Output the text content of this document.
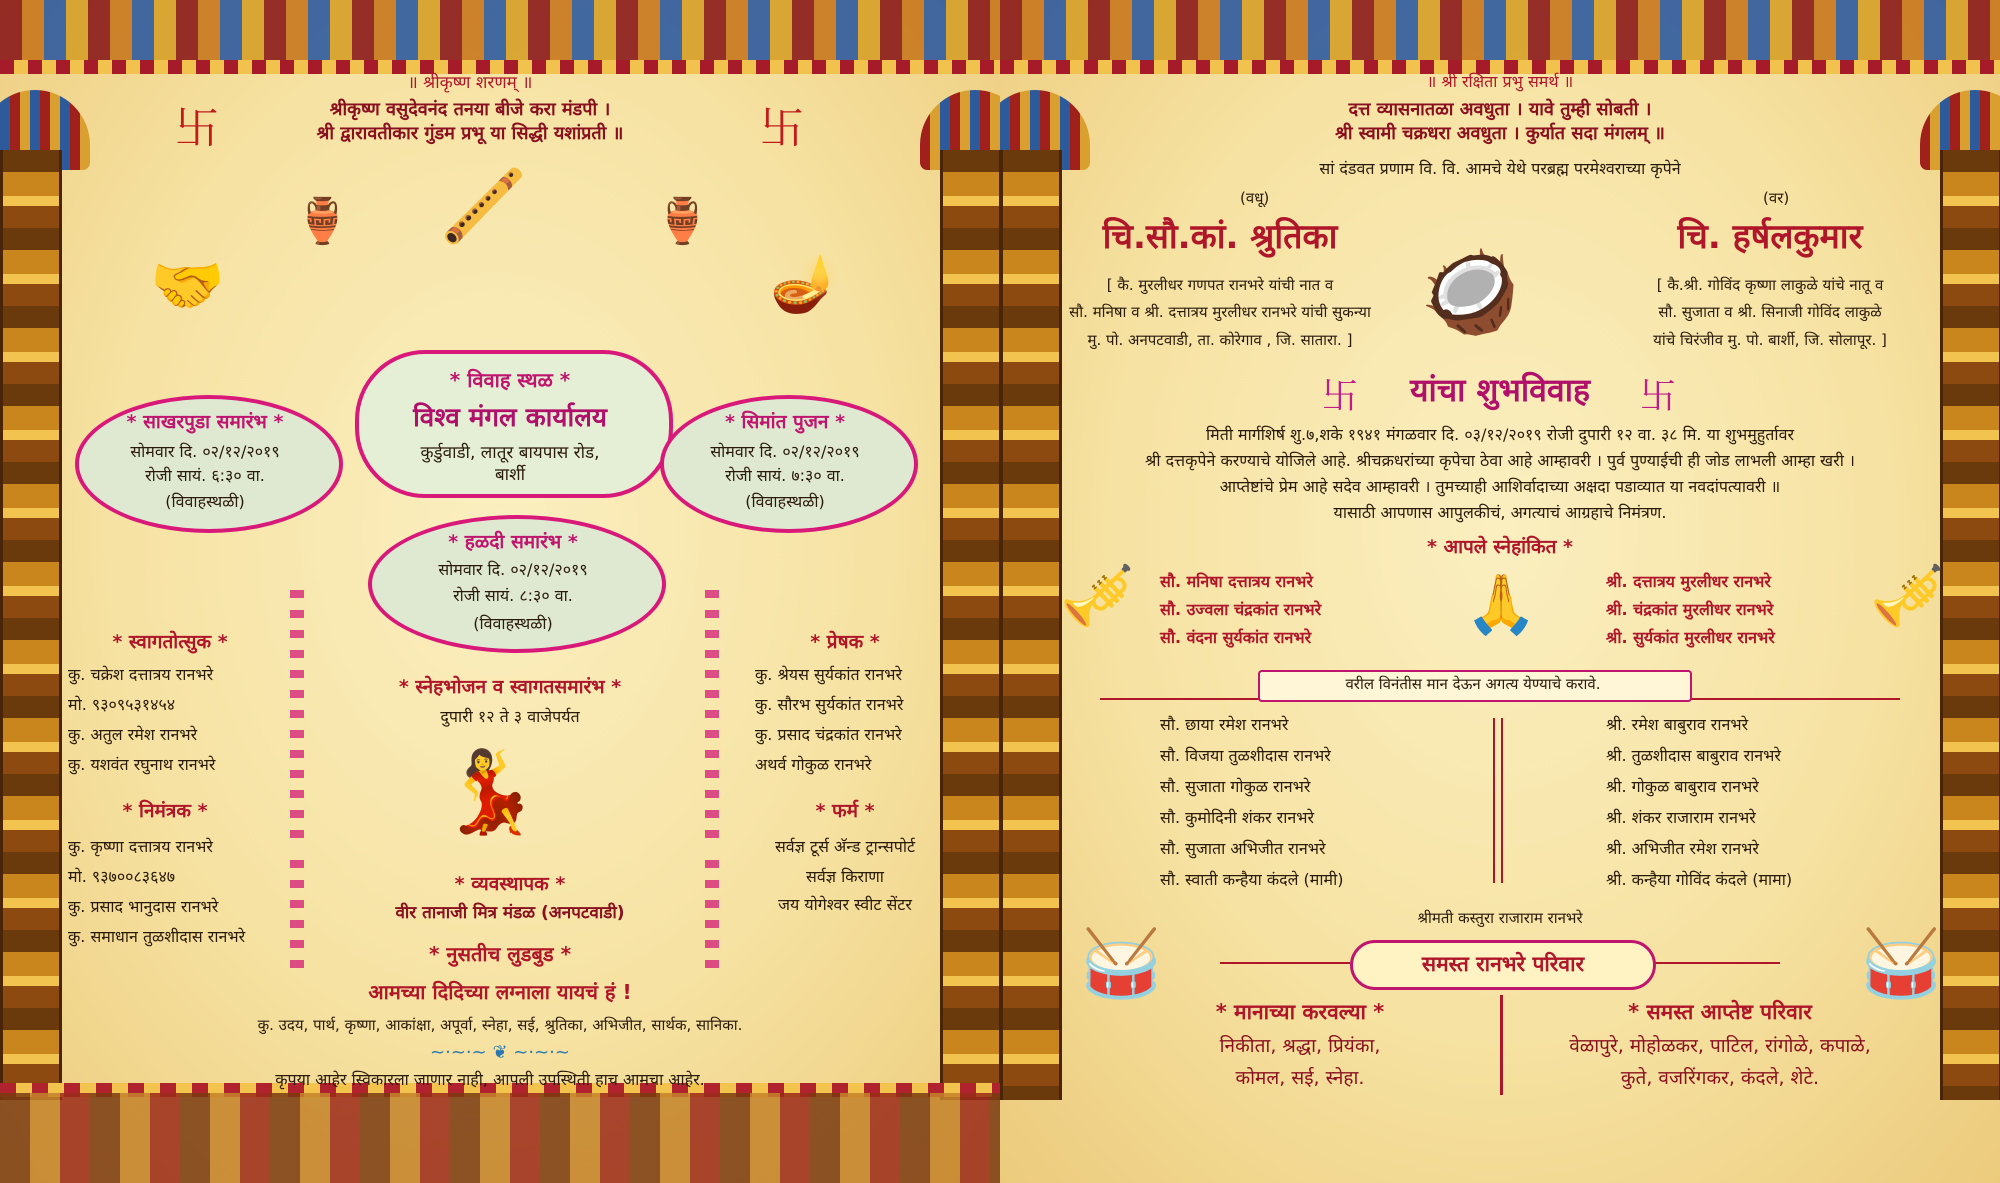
॥ श्रीकृष्ण शरणम् ॥
श्रीकृष्ण वसुदेवनंद तनया बीजे करा मंडपी ।
श्री द्वारावतीकार गुंडम प्रभू या सिद्धी यशांप्रती ॥
卐	卐
🏺	🏺
🪈
🤝	🪔
* विवाह स्थळ *
विश्व मंगल कार्यालय
कुर्डुवाडी, लातूर बायपास रोड,
बार्शी
* साखरपुडा समारंभ *
सोमवार दि. ०२/१२/२०१९
रोजी सायं. ६:३० वा.
(विवाहस्थळी)
* सिमांत पुजन *
सोमवार दि. ०२/१२/२०१९
रोजी सायं. ७:३० वा.
(विवाहस्थळी)
* हळदी समारंभ *
सोमवार दि. ०२/१२/२०१९
रोजी सायं. ८:३० वा.
(विवाहस्थळी)
* स्वागतोत्सुक *
कु. चक्रेश दत्तात्रय रानभरे
मो. ९३०९५३१४५४
कु. अतुल रमेश रानभरे
कु. यशवंत रघुनाथ रानभरे
* निमंत्रक *
कु. कृष्णा दत्तात्रय रानभरे
मो. ९३७००८३६४७
कु. प्रसाद भानुदास रानभरे
कु. समाधान तुळशीदास रानभरे
* प्रेषक *
कु. श्रेयस सुर्यकांत रानभरे
कु. सौरभ सुर्यकांत रानभरे
कु. प्रसाद चंद्रकांत रानभरे
अथर्व गोकुळ रानभरे
* फर्म *
सर्वज्ञ टूर्स अ‍ॅन्ड ट्रान्सपोर्ट
सर्वज्ञ किराणा
जय योगेश्वर स्वीट सेंटर
* स्नेहभोजन व स्वागतसमारंभ *
दुपारी १२ ते ३ वाजेपर्यत
💃
* व्यवस्थापक *
वीर तानाजी मित्र मंडळ (अनपटवाडी)
* नुसतीच लुडबुड *
आमच्या दिदिच्या लग्नाला यायचं हं !
कु. उदय, पार्थ, कृष्णा, आकांक्षा, अपूर्वा, स्नेहा, सई, श्रुतिका, अभिजीत, सार्थक, सानिका.
~·~·~ ❦ ~·~·~
कृपया आहेर स्विकारला जाणार नाही, आपली उपस्थिती हाच आमचा आहेर.
॥ श्री रक्षिता प्रभु समर्थ ॥
दत्त व्यासनातळा अवधुता । यावे तुम्ही सोबती ।
श्री स्वामी चक्रधरा अवधुता । कुर्यात सदा मंगलम् ॥
सां दंडवत प्रणाम वि. वि. आमचे येथे परब्रह्म परमेश्वराच्या कृपेने
(वधू)
चि.सौ.कां. श्रुतिका
[ कै. मुरलीधर गणपत रानभरे यांची नात व
सौ. मनिषा व श्री. दत्तात्रय मुरलीधर रानभरे यांची सुकन्या
मु. पो. अनपटवाडी, ता. कोरेगाव , जि. सातारा. ]
🥥
(वर)
चि. हर्षलकुमार
[ कै.श्री. गोविंद कृष्णा लाकुळे यांचे नातू व
सौ. सुजाता व श्री. सिनाजी गोविंद लाकुळे
यांचे चिरंजीव मु. पो. बार्शी, जि. सोलापूर. ]
卐 यांचा शुभविवाह 卐
मिती मार्गशिर्ष शु.७,शके १९४१ मंगळवार दि. ०३/१२/२०१९ रोजी दुपारी १२ वा. ३८ मि. या शुभमुहुर्तावर
श्री दत्तकृपेने करण्याचे योजिले आहे. श्रीचक्रधरांच्या कृपेचा ठेवा आहे आम्हावरी । पुर्व पुण्याईची ही जोड लाभली आम्हा खरी ।
आप्तेष्टांचे प्रेम आहे सदेव आम्हावरी । तुमच्याही आशिर्वादाच्या अक्षदा पडाव्यात या नवदांपत्यावरी ॥
यासाठी आपणास आपुलकीचं, अगत्याचं आग्रहाचे निमंत्रण.
* आपले स्नेहांकित *
🎺	🎺
🙏
सौ. मनिषा दत्तात्रय रानभरे
सौ. उज्वला चंद्रकांत रानभरे
सौ. वंदना सुर्यकांत रानभरे
श्री. दत्तात्रय मुरलीधर रानभरे
श्री. चंद्रकांत मुरलीधर रानभरे
श्री. सुर्यकांत मुरलीधर रानभरे
वरील विनंतीस मान देऊन अगत्य येण्याचे करावे.
सौ. छाया रमेश रानभरे
सौ. विजया तुळशीदास रानभरे
सौ. सुजाता गोकुळ रानभरे
सौ. कुमोदिनी शंकर रानभरे
सौ. सुजाता अभिजीत रानभरे
सौ. स्वाती कन्हैया कंदले (मामी)
श्री. रमेश बाबुराव रानभरे
श्री. तुळशीदास बाबुराव रानभरे
श्री. गोकुळ बाबुराव रानभरे
श्री. शंकर राजाराम रानभरे
श्री. अभिजीत रमेश रानभरे
श्री. कन्हैया गोविंद कंदले (मामा)
श्रीमती कस्तुरा राजाराम रानभरे
🥁	🥁
समस्त रानभरे परिवार
* मानाच्या करवल्या *
निकीता, श्रद्धा, प्रियंका,
कोमल, सई, स्नेहा.
* समस्त आप्तेष्ट परिवार
वेळापुरे, मोहोळकर, पाटिल, रांगोळे, कपाळे,
कुते, वजरिंगकर, कंदले, शेटे.
